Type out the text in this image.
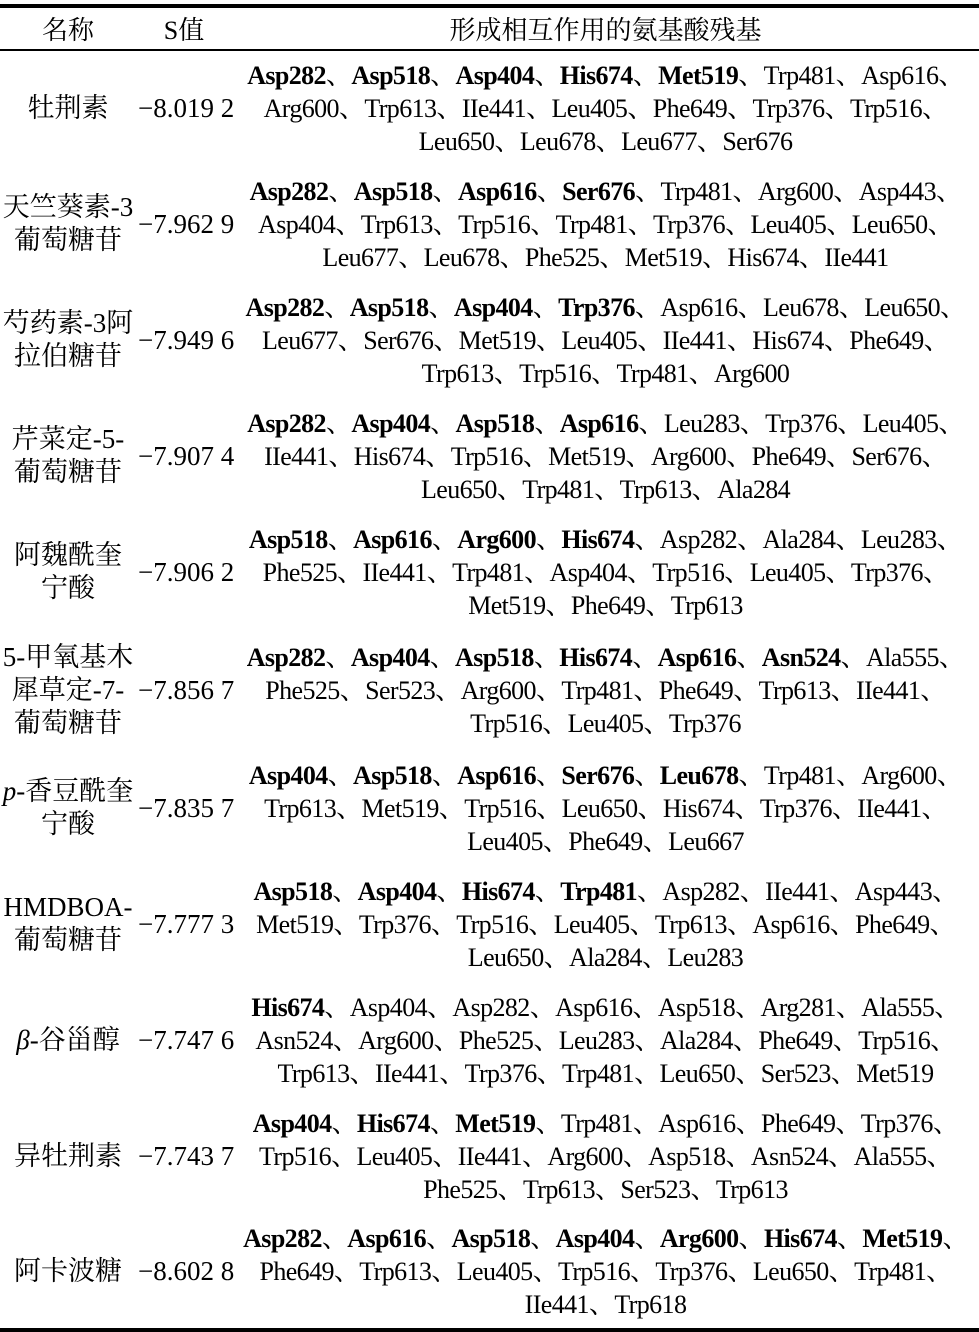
名称	S值	形成相互作用的氨基酸残基
牡荆素	−8.019 2	Asp282、Asp518、Asp404、His674、Met519、Trp481、Asp616、Arg600、Trp613、IIe441、Leu405、Phe649、Trp376、Trp516、Leu650、Leu678、Leu677、Ser676
天竺葵素-3葡萄糖苷	−7.962 9	Asp282、Asp518、Asp616、Ser676、Trp481、Arg600、Asp443、Asp404、Trp613、Trp516、Trp481、Trp376、Leu405、Leu650、Leu677、Leu678、Phe525、Met519、His674、IIe441
芍药素-3阿拉伯糖苷	−7.949 6	Asp282、Asp518、Asp404、Trp376、Asp616、Leu678、Leu650、Leu677、Ser676、Met519、Leu405、IIe441、His674、Phe649、Trp613、Trp516、Trp481、Arg600
芹菜定-5-葡萄糖苷	−7.907 4	Asp282、Asp404、Asp518、Asp616、Leu283、Trp376、Leu405、IIe441、His674、Trp516、Met519、Arg600、Phe649、Ser676、Leu650、Trp481、Trp613、Ala284
阿魏酰奎宁酸	−7.906 2	Asp518、Asp616、Arg600、His674、Asp282、Ala284、Leu283、Phe525、IIe441、Trp481、Asp404、Trp516、Leu405、Trp376、Met519、Phe649、Trp613
5-甲氧基木犀草定-7-葡萄糖苷	−7.856 7	Asp282、Asp404、Asp518、His674、Asp616、Asn524、Ala555、Phe525、Ser523、Arg600、Trp481、Phe649、Trp613、IIe441、Trp516、Leu405、Trp376
p-香豆酰奎宁酸	−7.835 7	Asp404、Asp518、Asp616、Ser676、Leu678、Trp481、Arg600、Trp613、Met519、Trp516、Leu650、His674、Trp376、IIe441、Leu405、Phe649、Leu667
HMDBOA-葡萄糖苷	−7.777 3	Asp518、Asp404、His674、Trp481、Asp282、IIe441、Asp443、Met519、Trp376、Trp516、Leu405、Trp613、Asp616、Phe649、Leu650、Ala284、Leu283
β-谷甾醇	−7.747 6	His674、Asp404、Asp282、Asp616、Asp518、Arg281、Ala555、Asn524、Arg600、Phe525、Leu283、Ala284、Phe649、Trp516、Trp613、IIe441、Trp376、Trp481、Leu650、Ser523、Met519
异牡荆素	−7.743 7	Asp404、His674、Met519、Trp481、Asp616、Phe649、Trp376、Trp516、Leu405、IIe441、Arg600、Asp518、Asn524、Ala555、Phe525、Trp613、Ser523、Trp613
阿卡波糖	−8.602 8	Asp282、Asp616、Asp518、Asp404、Arg600、His674、Met519、Phe649、Trp613、Leu405、Trp516、Trp376、Leu650、Trp481、IIe441、Trp618
